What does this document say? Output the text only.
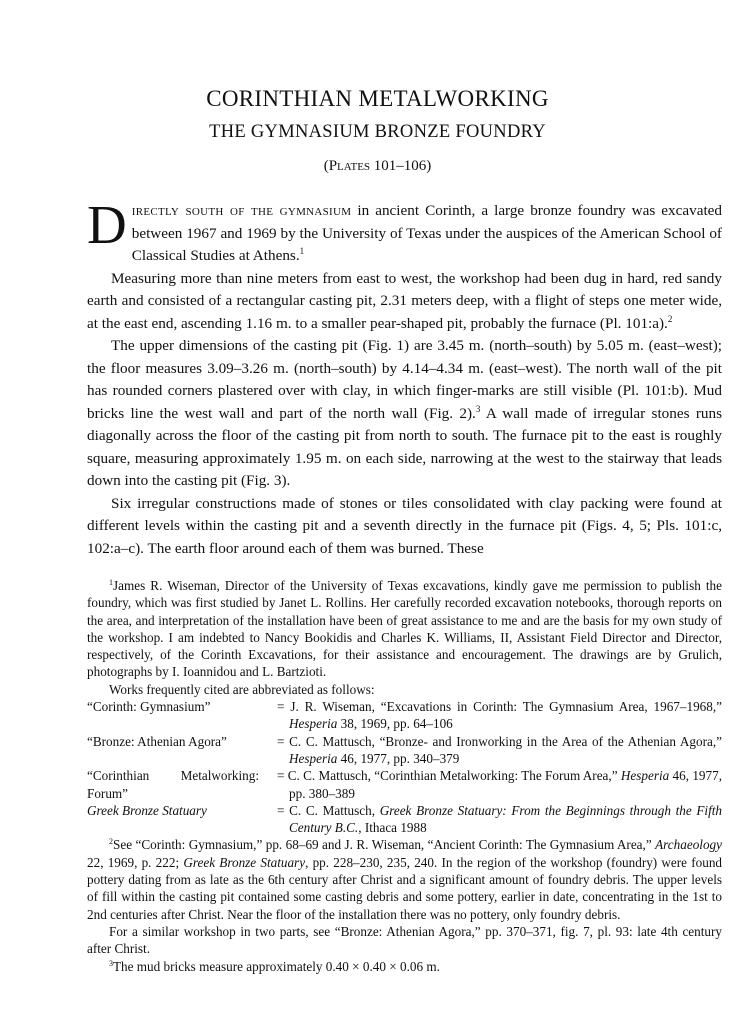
CORINTHIAN METALWORKING
THE GYMNASIUM BRONZE FOUNDRY
(Plates 101–106)

Directly south of the gymnasium in ancient Corinth, a large bronze foundry was excavated between 1967 and 1969 by the University of Texas under the auspices of the American School of Classical Studies at Athens.$^1$

Measuring more than nine meters from east to west, the workshop had been dug in hard, red sandy earth and consisted of a rectangular casting pit, 2.31 meters deep, with a flight of steps one meter wide, at the east end, ascending 1.16 m. to a smaller pear-shaped pit, probably the furnace (Pl. 101:a).$^2$

The upper dimensions of the casting pit (Fig. 1) are 3.45 m. (north–south) by 5.05 m. (east–west); the floor measures 3.09–3.26 m. (north–south) by 4.14–4.34 m. (east–west). The north wall of the pit has rounded corners plastered over with clay, in which finger-marks are still visible (Pl. 101:b). Mud bricks line the west wall and part of the north wall (Fig. 2).$^3$ A wall made of irregular stones runs diagonally across the floor of the casting pit from north to south. The furnace pit to the east is roughly square, measuring approximately 1.95 m. on each side, narrowing at the west to the stairway that leads down into the casting pit (Fig. 3).

Six irregular constructions made of stones or tiles consolidated with clay packing were found at different levels within the casting pit and a seventh directly in the furnace pit (Figs. 4, 5; Pls. 101:c, 102:a–c). The earth floor around each of them was burned. These

$^1$James R. Wiseman, Director of the University of Texas excavations, kindly gave me permission to publish the foundry, which was first studied by Janet L. Rollins. Her carefully recorded excavation notebooks, thorough reports on the area, and interpretation of the installation have been of great assistance to me and are the basis for my own study of the workshop. I am indebted to Nancy Bookidis and Charles K. Williams, II, Assistant Field Director and Director, respectively, of the Corinth Excavations, for their assistance and encouragement. The drawings are by Grulich, photographs by I. Ioannidou and L. Bartzioti.

Works frequently cited are abbreviated as follows:

“Corinth: Gymnasium”	= J. R. Wiseman, “Excavations in Corinth: The Gymnasium Area, 1967–1968,” Hesperia 38, 1969, pp. 64–106
“Bronze: Athenian Agora”	= C. C. Mattusch, “Bronze- and Ironworking in the Area of the Athenian Agora,” Hesperia 46, 1977, pp. 340–379
“Corinthian Metalworking: Forum”	= C. C. Mattusch, “Corinthian Metalworking: The Forum Area,” Hesperia 46, 1977, pp. 380–389
Greek Bronze Statuary	= C. C. Mattusch, Greek Bronze Statuary: From the Beginnings through the Fifth Century B.C., Ithaca 1988

$^2$See “Corinth: Gymnasium,” pp. 68–69 and J. R. Wiseman, “Ancient Corinth: The Gymnasium Area,” Archaeology 22, 1969, p. 222; Greek Bronze Statuary, pp. 228–230, 235, 240. In the region of the workshop (foundry) were found pottery dating from as late as the 6th century after Christ and a significant amount of foundry debris. The upper levels of fill within the casting pit contained some casting debris and some pottery, earlier in date, concentrating in the 1st to 2nd centuries after Christ. Near the floor of the installation there was no pottery, only foundry debris.

For a similar workshop in two parts, see “Bronze: Athenian Agora,” pp. 370–371, fig. 7, pl. 93: late 4th century after Christ.

$^3$The mud bricks measure approximately 0.40 × 0.40 × 0.06 m.
